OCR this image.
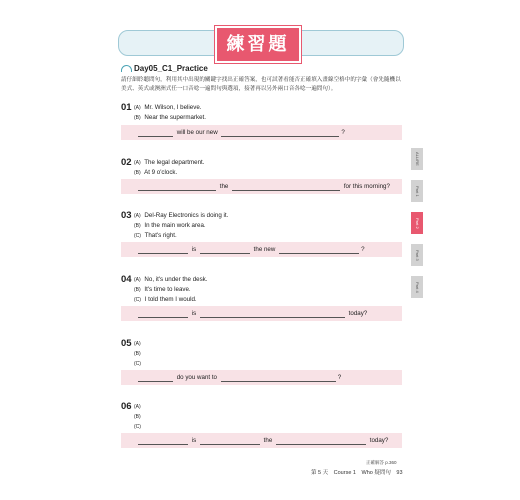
練習題
Day05_C1_Practice
請仔細聆聽問句，利用其中出現的關鍵字找出正確答案，也可試著看能否正確填入畫線空格中的字彙（會先隨機以美式、英式或澳洲式任一口音唸一遍問句與選項，接著再以另外兩口音各唸一遍問句）。
01 (A) Mr. Wilson, I believe.
(B) Near the supermarket.
will be our new	?
02 (A) The legal department.
(B) At 9 o'clock.
the	for this morning?
03 (A) Del-Ray Electronics is doing it.
(B) In the main work area.
(C) That's right.
is	the new	?
04 (A) No, it's under the desk.
(B) It's time to leave.
(C) I told them I would.
is	today?
05 (A)
(B)
(C)
do you want to	?
06 (A)
(B)
(C)
is	the	today?
ALL/RE
Part 1
Part 2
Part 3
Part 4
正確解答 p.360
第 5 天 Course 1 Who 疑問句 93
